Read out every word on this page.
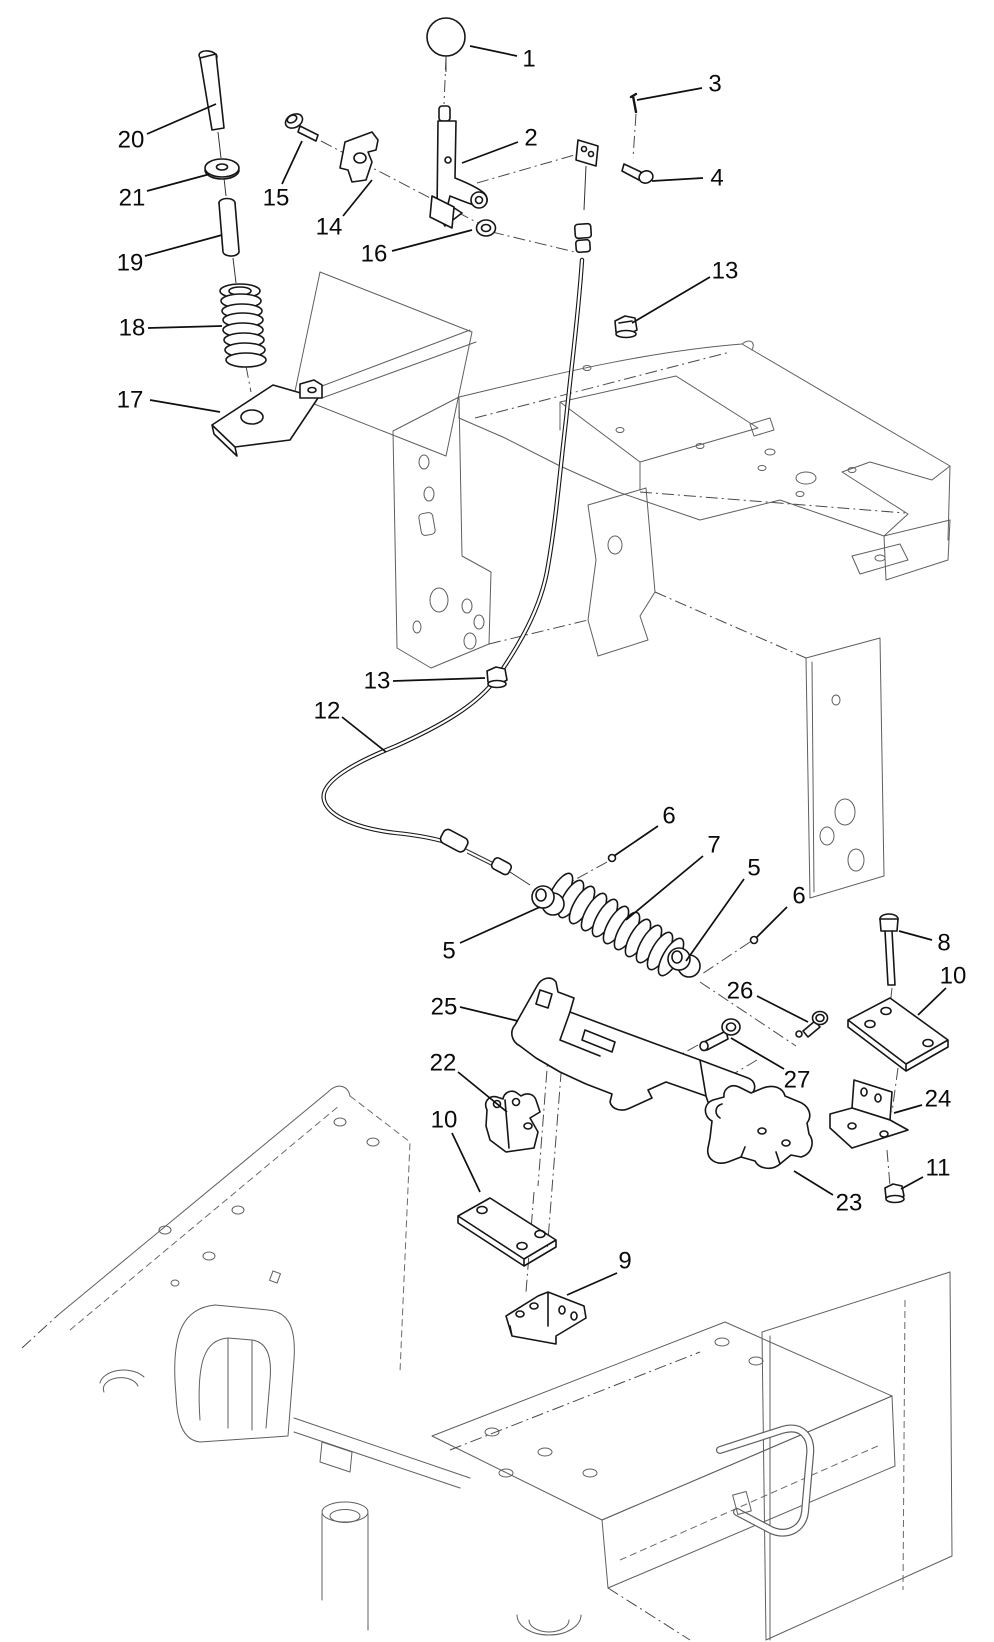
1
2
3
4
20
21
19
15
14
16
13
18
17
13
12
6
7
5
5
6
8
10
26
27
24
11
23
25
22
10
9
